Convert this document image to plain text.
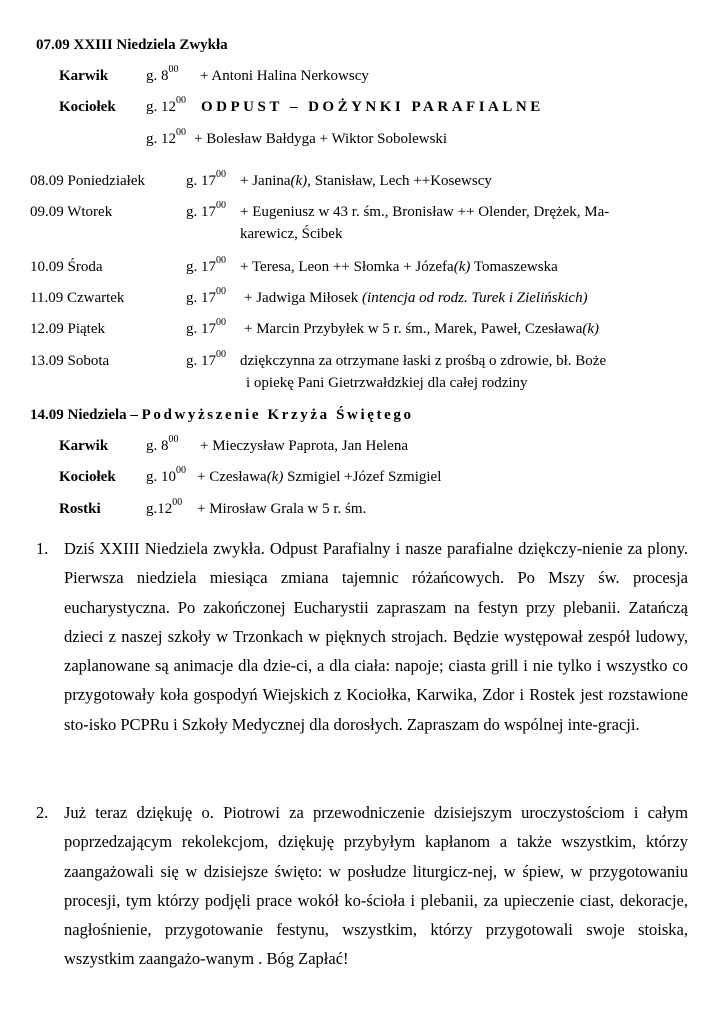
07.09 XXIII Niedziela Zwykła
Karwik	g. $8^{00}$ + Antoni Halina Nerkowscy
Kociołek g. $12^{00}$ ODPUST – DOŻYNKI PARAFIALNE
g. $12^{00}$ + Bolesław Bałdyga + Wiktor Sobolewski
08.09 Poniedziałek	g. $17^{00}$ + Janina(k), Stanisław, Lech ++Kosewscy
09.09 Wtorek	g. $17^{00}$ + Eugeniusz w 43 r. śm., Bronisław ++ Olender, Drężek, Ma-
karewicz, Ścibek
10.09 Środa	g. $17^{00}$ + Teresa, Leon ++ Słomka + Józefa(k) Tomaszewska
11.09 Czwartek	g. $17^{00}$ + Jadwiga Miłosek (intencja od rodz. Turek i Zielińskich)
12.09 Piątek	g. $17^{00}$ + Marcin Przybyłek w 5 r. śm., Marek, Paweł, Czesława(k)
13.09 Sobota	g. $17^{00}$ dziękczynna za otrzymane łaski z prośbą o zdrowie, bł. Boże
i opiekę Pani Gietrzwałdzkiej dla całej rodziny
14.09 Niedziela – Podwyższenie Krzyża Świętego
Karwik	g. $8^{00}$ + Mieczysław Paprota, Jan Helena
Kociołek g. $10^{00}$ + Czesława(k) Szmigiel +Józef Szmigiel
Rostki	$g.12^{00}$ + Mirosław Grala w 5 r. śm.
1. Dziś XXIII Niedziela zwykła. Odpust Parafialny i nasze parafialne dziękczy-nienie za plony. Pierwsza niedziela miesiąca zmiana tajemnic różańcowych. Po Mszy św. procesja eucharystyczna. Po zakończonej Eucharystii zapraszam na festyn przy plebanii. Zatańczą dzieci z naszej szkoły w Trzonkach w pięknych strojach. Będzie występował zespół ludowy, zaplanowane są animacje dla dzie-ci, a dla ciała: napoje; ciasta grill i nie tylko i wszystko co przygotowały koła gospodyń Wiejskich z Kociołka, Karwika, Zdor i Rostek jest rozstawione sto-isko PCPRu i Szkoły Medycznej dla dorosłych. Zapraszam do wspólnej inte-gracji.
2. Już teraz dziękuję o. Piotrowi za przewodniczenie dzisiejszym uroczystościom i całym poprzedzającym rekolekcjom, dziękuję przybyłym kapłanom a także wszystkim, którzy zaangażowali się w dzisiejsze święto: w posłudze liturgicz-nej, w śpiew, w przygotowaniu procesji, tym którzy podjęli prace wokół ko-ścioła i plebanii, za upieczenie ciast, dekoracje, nagłośnienie, przygotowanie festynu, wszystkim, którzy przygotowali swoje stoiska, wszystkim zaangażo-wanym . Bóg Zapłać!
